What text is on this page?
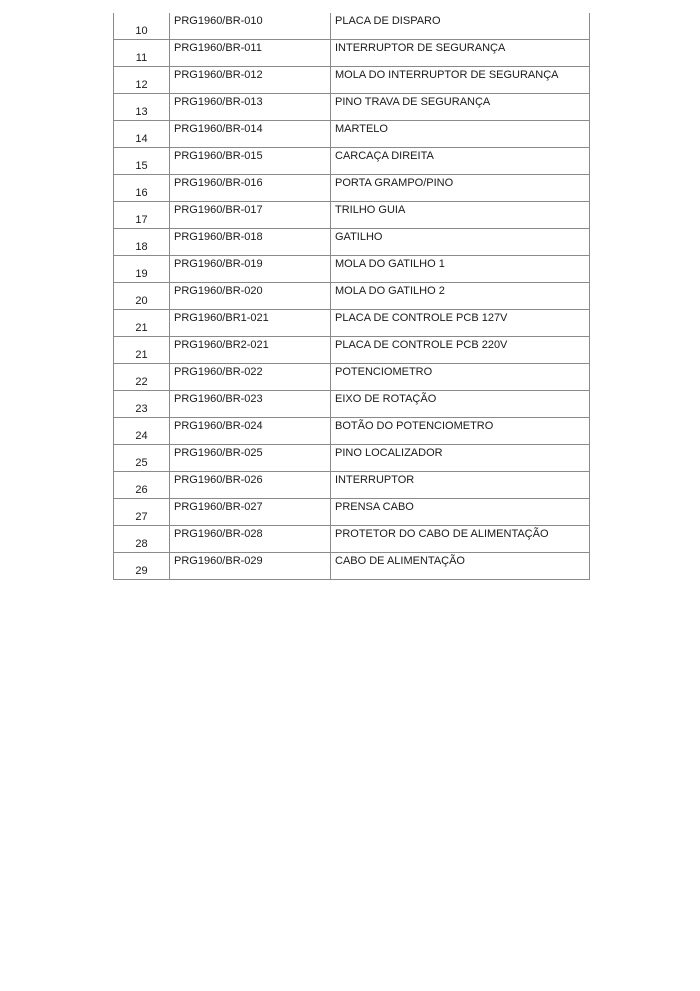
10	PRG1960/BR-010	PLACA DE DISPARO

11	PRG1960/BR-011	INTERRUPTOR DE SEGURANÇA

12	PRG1960/BR-012	MOLA DO INTERRUPTOR DE SEGURANÇA

13	PRG1960/BR-013	PINO TRAVA DE SEGURANÇA

14	PRG1960/BR-014	MARTELO

15	PRG1960/BR-015	CARCAÇA DIREITA

16	PRG1960/BR-016	PORTA GRAMPO/PINO

17	PRG1960/BR-017	TRILHO GUIA

18	PRG1960/BR-018	GATILHO

19	PRG1960/BR-019	MOLA DO GATILHO 1

20	PRG1960/BR-020	MOLA DO GATILHO 2

21	PRG1960/BR1-021	PLACA DE CONTROLE PCB 127V

21	PRG1960/BR2-021	PLACA DE CONTROLE PCB 220V

22	PRG1960/BR-022	POTENCIOMETRO

23	PRG1960/BR-023	EIXO DE ROTAÇÃO

24	PRG1960/BR-024	BOTÃO DO POTENCIOMETRO

25	PRG1960/BR-025	PINO LOCALIZADOR

26	PRG1960/BR-026	INTERRUPTOR

27	PRG1960/BR-027	PRENSA CABO

28	PRG1960/BR-028	PROTETOR DO CABO DE ALIMENTAÇÃO

29	PRG1960/BR-029	CABO DE ALIMENTAÇÃO
